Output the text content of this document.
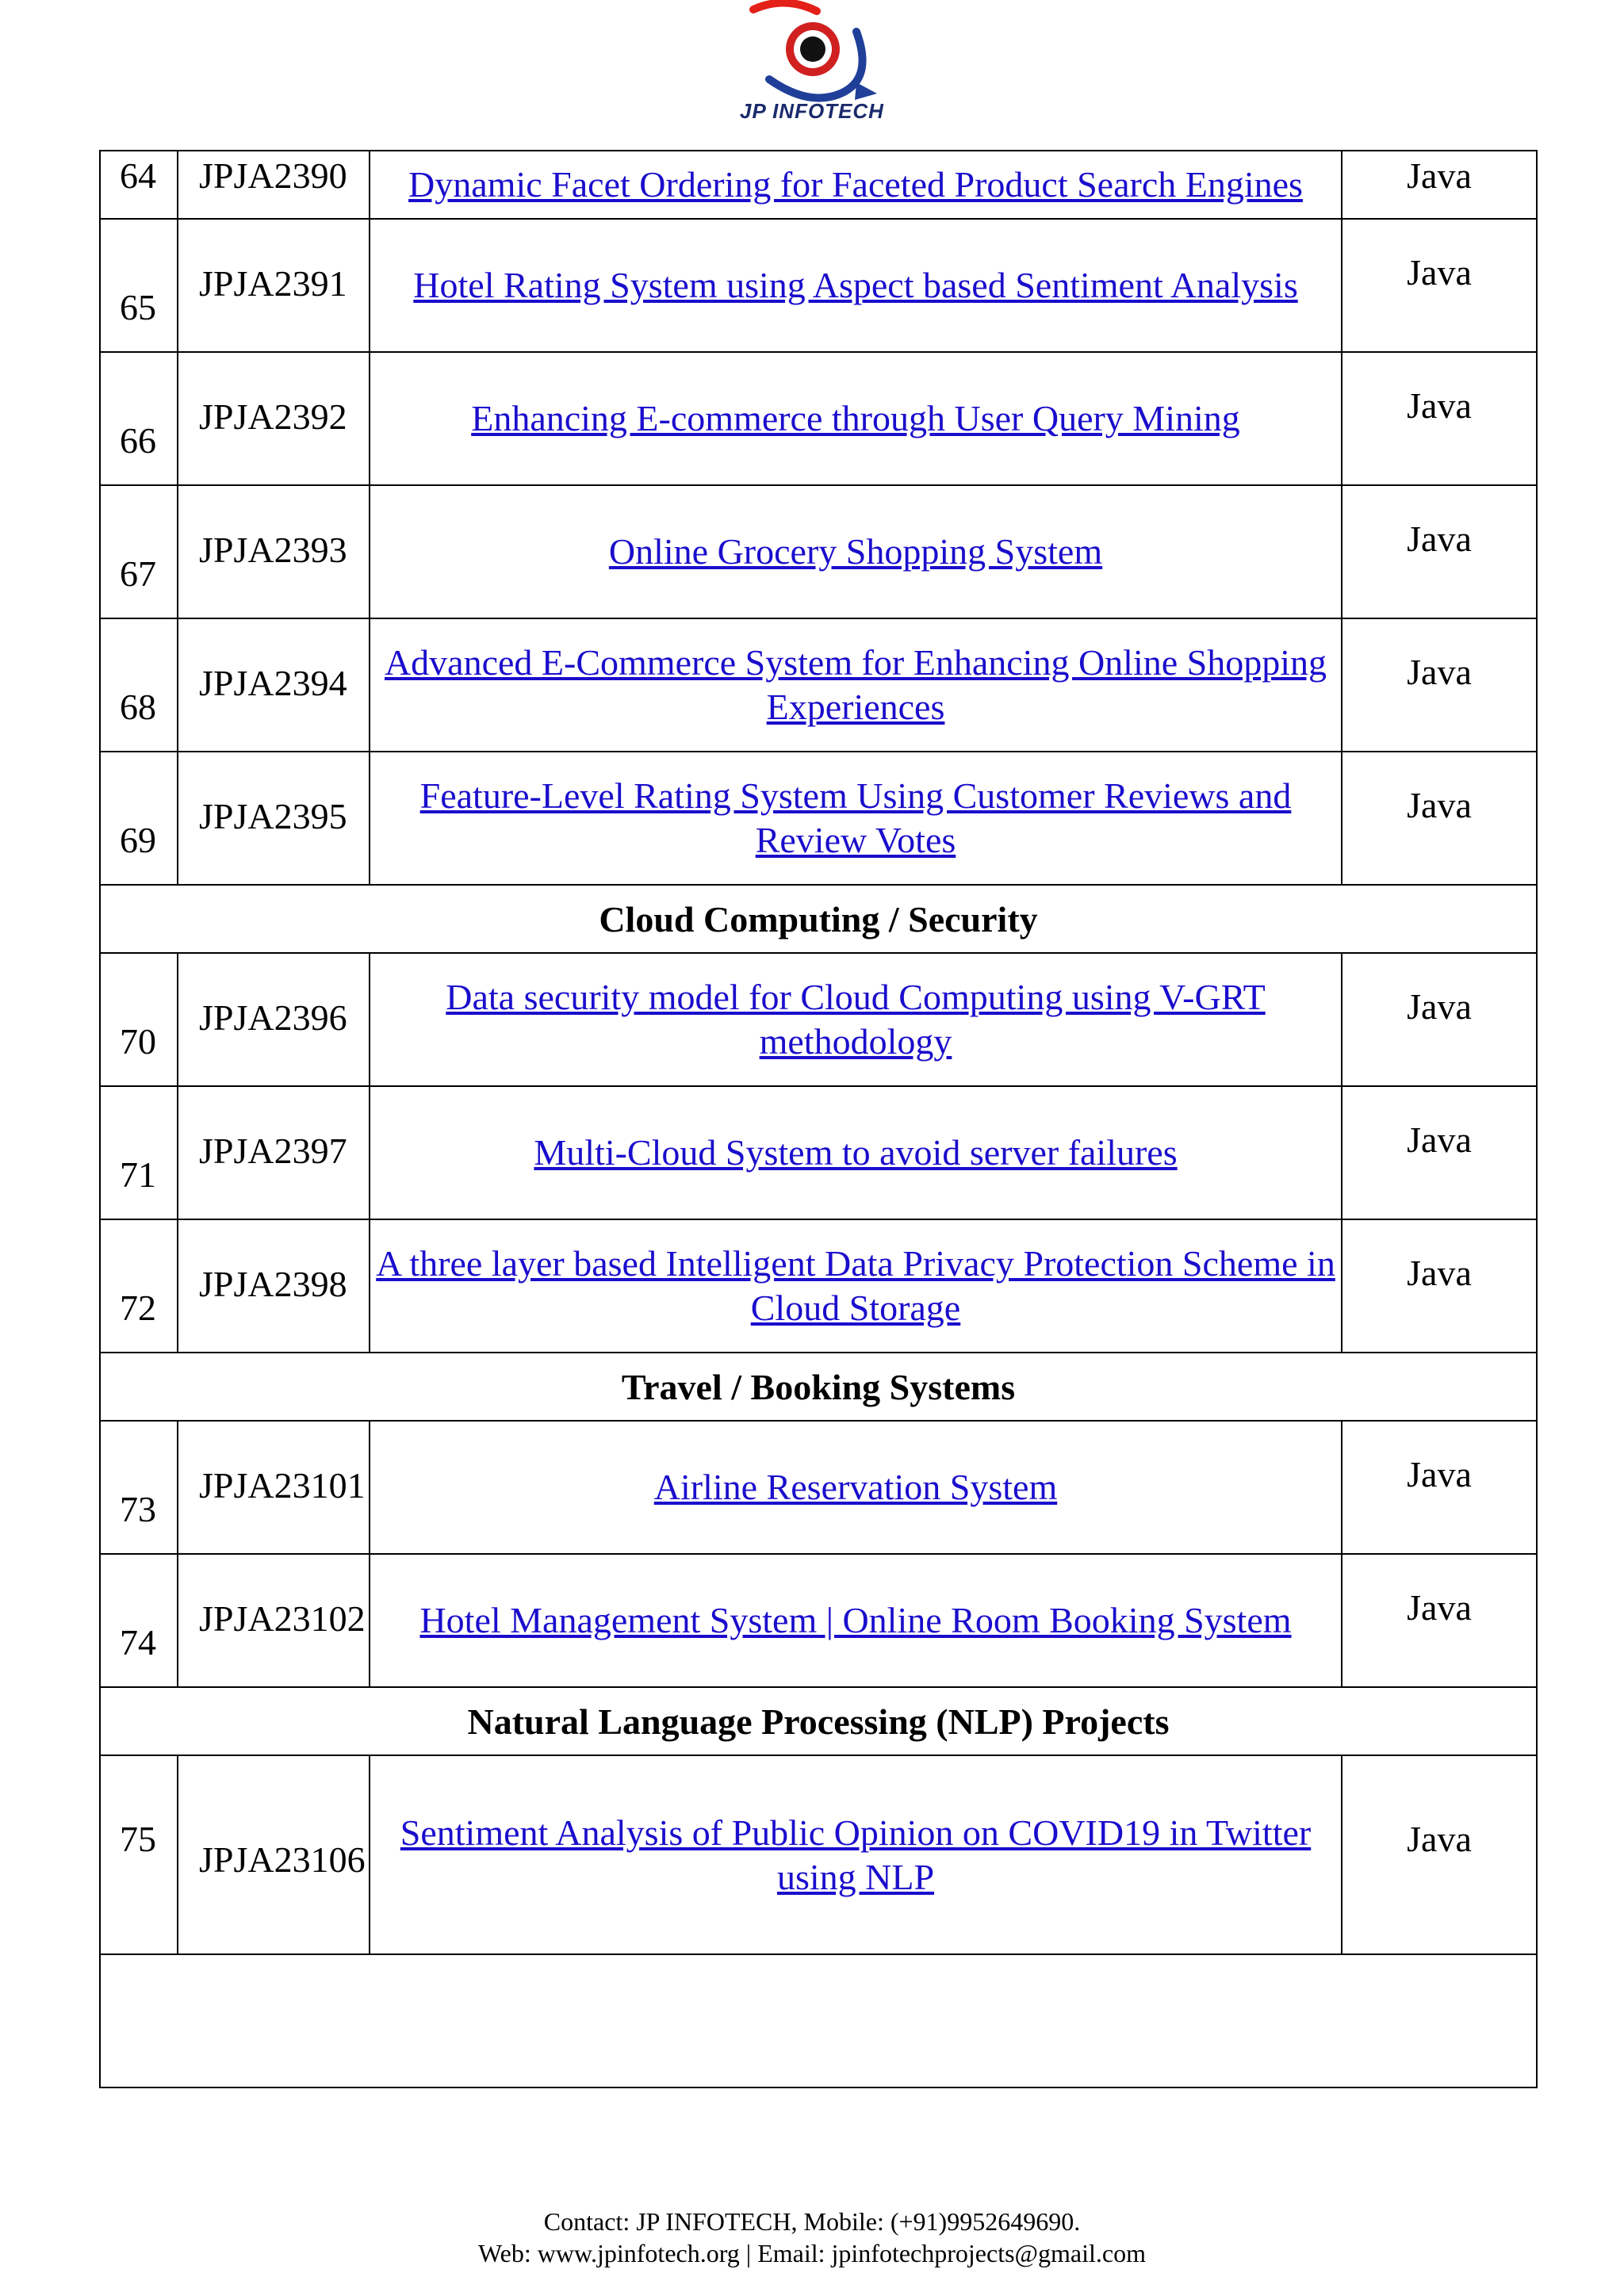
JP INFOTECH
64	JPJA2390	Dynamic Facet Ordering for Faceted Product Search Engines	Java

65	JPJA2391	Hotel Rating System using Aspect based Sentiment Analysis	Java

66	JPJA2392	Enhancing E-commerce through User Query Mining	Java

67	JPJA2393	Online Grocery Shopping System	Java

68	JPJA2394	Advanced E-Commerce System for Enhancing Online Shopping Experiences	Java

69	JPJA2395	Feature-Level Rating System Using Customer Reviews and Review Votes	Java

Cloud Computing / Security			

70	JPJA2396	Data security model for Cloud Computing using V-GRT methodology	Java

71	JPJA2397	Multi-Cloud System to avoid server failures	Java

72	JPJA2398	A three layer based Intelligent Data Privacy Protection Scheme in Cloud Storage	Java

Travel / Booking Systems			

73	JPJA23101	Airline Reservation System	Java

74	JPJA23102	Hotel Management System | Online Room Booking System	Java

Natural Language Processing (NLP) Projects			

75	JPJA23106	Sentiment Analysis of Public Opinion on COVID19 in Twitter using NLP	Java

Contact: JP INFOTECH, Mobile: (+91)9952649690.
Web: www.jpinfotech.org | Email: jpinfotechprojects@gmail.com
